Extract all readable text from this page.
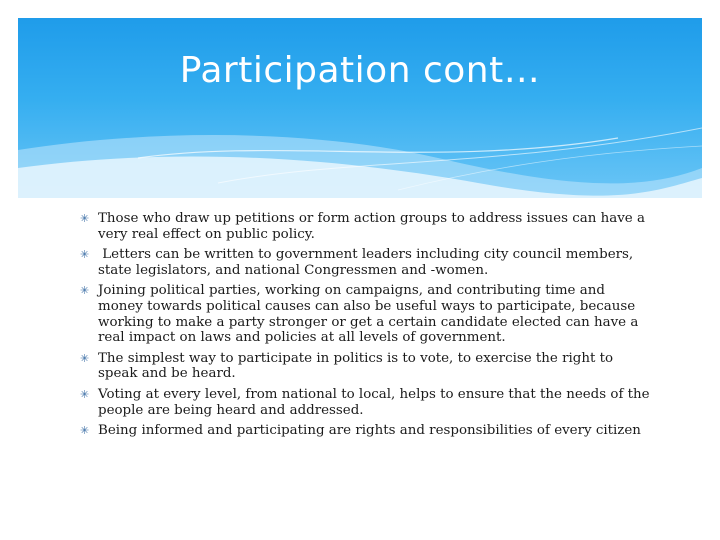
Participation cont…
✳ Those who draw up petitions or form action groups to address issues can have a very real effect on public policy.
✳ Letters can be written to government leaders including city council members, state legislators, and national Congressmen and -women.
✳ Joining political parties, working on campaigns, and contributing time and money towards political causes can also be useful ways to participate, because working to make a party stronger or get a certain candidate elected can have a real impact on laws and policies at all levels of government.
✳ The simplest way to participate in politics is to vote, to exercise the right to speak and be heard.
✳ Voting at every level, from national to local, helps to ensure that the needs of the people are being heard and addressed.
✳ Being informed and participating are rights and responsibilities of every citizen
